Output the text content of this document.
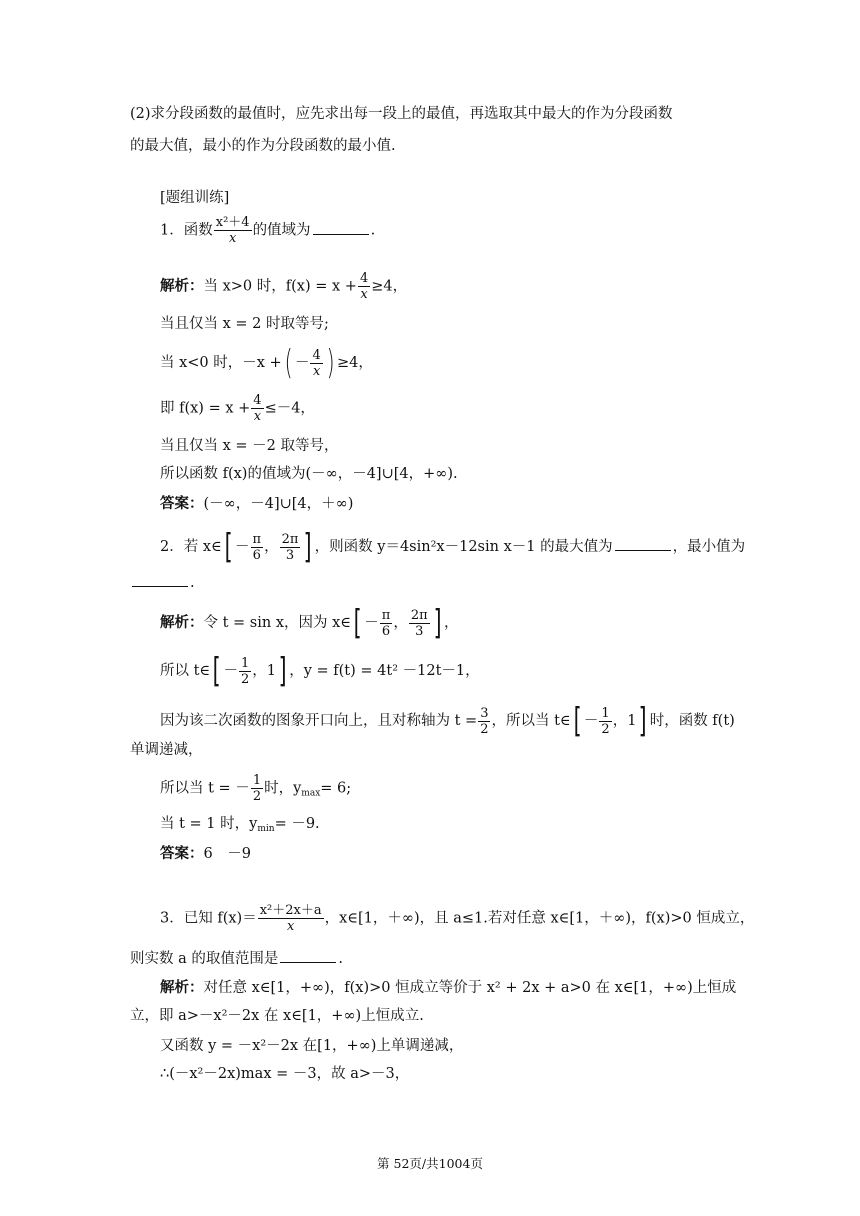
(2)求分段函数的最值时，应先求出每一段上的最值，再选取其中最大的作为分段函数
的最大值，最小的作为分段函数的最小值.
[题组训练]
1．函数 $\frac{\text{x²＋4}}{x}$ 的值域为	.
解析：当 x>0 时，$f(x) = x + \frac{4}{x} \ge 4$，
当且仅当 x = 2 时取等号;
当 x<0 时，－x +( － $\frac{4}{x}$ ) ≥4，
即 $f(x) = x + \frac{4}{x} \le-4$，
当且仅当 x = －2 取等号，
所以函数 f(x)的值域为(－∞，－4]∪[4，+∞).
答案：(－∞，－4]∪[4，＋∞)
2．若 x∈[ － $\frac{\pi}{6}$ ， $\frac{2\pi}{3}$ ] ，则函数 y＝4sin²x－12sin x－1 的最大值为	，最小值为
.
解析：令 t = sin x，因为 x∈[ － $\frac{\pi}{6}$ ， $\frac{2\pi}{3}$ ] ，
所以 t∈[ － $\frac{1}{2}$ ，1] ，y = f(t) = 4t² －12t－1，
因为该二次函数的图象开口向上，且对称轴为 $t = \frac{3}{2}$ ，所以当 t∈[ － $\frac{1}{2}$ ，1] 时，函数 f(t)
单调递减，
所以当 t = － $\frac{1}{2}$ 时，$y_{max}= 6$;
当 t = 1 时，$y_{min}= -9$.
答案：6　－9
3．已知 $f(x)= \frac{\text{x²＋2x＋a}}{x}$ ，x∈[1，＋∞)，且 a≤1.若对任意 x∈[1，＋∞)，f(x)>0 恒成立，
则实数 a 的取值范围是	.
解析：对任意 x∈[1，+∞)，f(x)>0 恒成立等价于 x² + 2x + a>0 在 x∈[1，+∞)上恒成
立，即 a>－x²－2x 在 x∈[1，+∞)上恒成立.
又函数 y = －x²－2x 在[1，+∞)上单调递减，
∴(－x²－2x)max = －3，故 a>－3，
第 52页/共1004页
